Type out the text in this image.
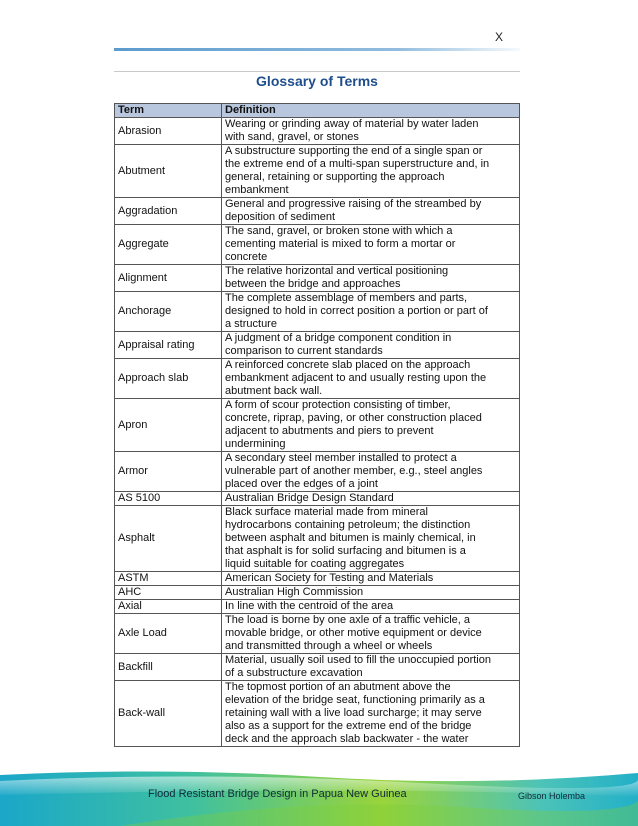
X
Glossary of Terms
Term	Definition
Abrasion	Wearing or grinding away of material by water laden
with sand, gravel, or stones

Abutment	A substructure supporting the end of a single span or
the extreme end of a multi-span superstructure and, in
general, retaining or supporting the approach
embankment

Aggradation	General and progressive raising of the streambed by
deposition of sediment

Aggregate	The sand, gravel, or broken stone with which a
cementing material is mixed to form a mortar or
concrete

Alignment	The relative horizontal and vertical positioning
between the bridge and approaches

Anchorage	The complete assemblage of members and parts,
designed to hold in correct position a portion or part of
a structure

Appraisal rating	A judgment of a bridge component condition in
comparison to current standards

Approach slab	A reinforced concrete slab placed on the approach
embankment adjacent to and usually resting upon the
abutment back wall.

Apron	A form of scour protection consisting of timber,
concrete, riprap, paving, or other construction placed
adjacent to abutments and piers to prevent
undermining

Armor	A secondary steel member installed to protect a
vulnerable part of another member, e.g., steel angles
placed over the edges of a joint

AS 5100	Australian Bridge Design Standard

Asphalt	Black surface material made from mineral
hydrocarbons containing petroleum; the distinction
between asphalt and bitumen is mainly chemical, in
that asphalt is for solid surfacing and bitumen is a
liquid suitable for coating aggregates

ASTM	American Society for Testing and Materials

AHC	Australian High Commission

Axial	In line with the centroid of the area

Axle Load	The load is borne by one axle of a traffic vehicle, a
movable bridge, or other motive equipment or device
and transmitted through a wheel or wheels

Backfill	Material, usually soil used to fill the unoccupied portion
of a substructure excavation

Back-wall	The topmost portion of an abutment above the
elevation of the bridge seat, functioning primarily as a
retaining wall with a live load surcharge; it may serve
also as a support for the extreme end of the bridge
deck and the approach slab backwater - the water
Flood Resistant Bridge Design in Papua New Guinea	Gibson Holemba
